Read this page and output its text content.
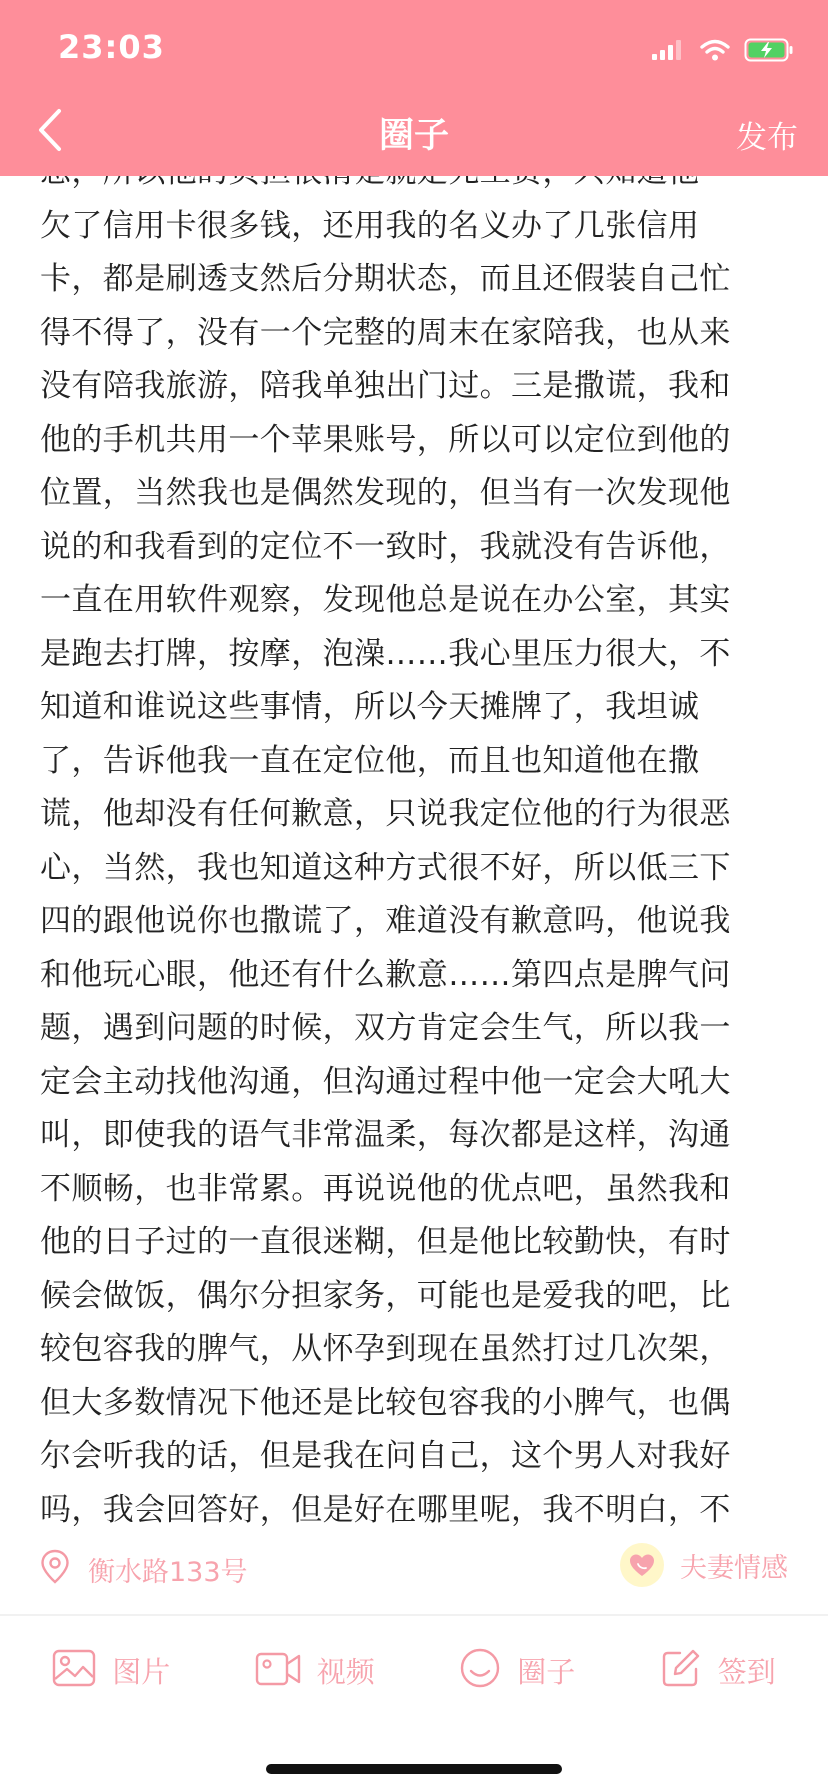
欠了信用卡很多钱，还用我的名义办了几张信用
卡，都是刷透支然后分期状态，而且还假装自己忙
得不得了，没有一个完整的周末在家陪我，也从来
没有陪我旅游，陪我单独出门过。三是撒谎，我和
他的手机共用一个苹果账号，所以可以定位到他的
位置，当然我也是偶然发现的，但当有一次发现他
说的和我看到的定位不一致时，我就没有告诉他，
一直在用软件观察，发现他总是说在办公室，其实
是跑去打牌，按摩，泡澡……我心里压力很大，不
知道和谁说这些事情，所以今天摊牌了，我坦诚
了，告诉他我一直在定位他，而且也知道他在撒
谎，他却没有任何歉意，只说我定位他的行为很恶
心，当然，我也知道这种方式很不好，所以低三下
四的跟他说你也撒谎了，难道没有歉意吗，他说我
和他玩心眼，他还有什么歉意……第四点是脾气问
题，遇到问题的时候，双方肯定会生气，所以我一
定会主动找他沟通，但沟通过程中他一定会大吼大
叫，即使我的语气非常温柔，每次都是这样，沟通
不顺畅，也非常累。再说说他的优点吧，虽然我和
他的日子过的一直很迷糊，但是他比较勤快，有时
候会做饭，偶尔分担家务，可能也是爱我的吧，比
较包容我的脾气，从怀孕到现在虽然打过几次架，
但大多数情况下他还是比较包容我的小脾气，也偶
尔会听我的话，但是我在问自己，这个男人对我好
吗，我会回答好，但是好在哪里呢，我不明白，不
23:03
圈子	发布
衡水路133号	夫妻情感
图片	视频	圈子	签到
